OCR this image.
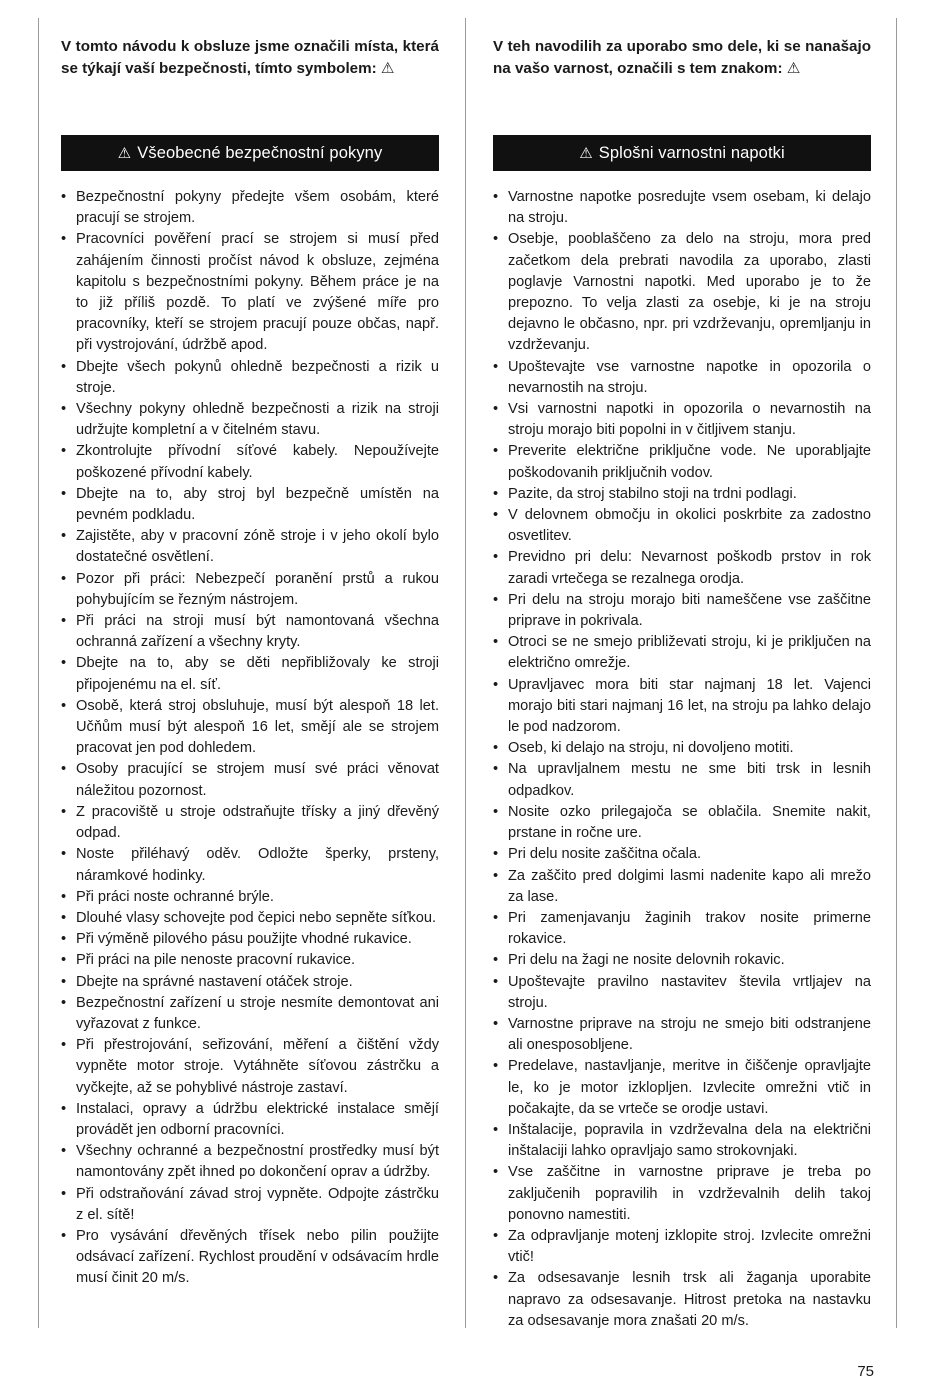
V tomto návodu k obsluze jsme označili místa, která se týkají vaší bezpečnosti, tímto symbolem: ⚠

⚠ Všeobecné bezpečnostní pokyny
• Bezpečnostní pokyny předejte všem osobám, které pracují se strojem.
• Pracovníci pověření prací se strojem si musí před zahájením činnosti pročíst návod k obsluze, zejména kapitolu s bezpečnostními pokyny. Během práce je na to již příliš pozdě. To platí ve zvýšené míře pro pracovníky, kteří se strojem pracují pouze občas, např. při vystrojování, údržbě apod.
• Dbejte všech pokynů ohledně bezpečnosti a rizik u stroje.
• Všechny pokyny ohledně bezpečnosti a rizik na stroji udržujte kompletní a v čitelném stavu.
• Zkontrolujte přívodní síťové kabely. Nepoužívejte poškozené přívodní kabely.
• Dbejte na to, aby stroj byl bezpečně umístěn na pevném podkladu.
• Zajistěte, aby v pracovní zóně stroje i v jeho okolí bylo dostatečné osvětlení.
• Pozor při práci: Nebezpečí poranění prstů a rukou pohybujícím se řezným nástrojem.
• Při práci na stroji musí být namontovaná všechna ochranná zařízení a všechny kryty.
• Dbejte na to, aby se děti nepřibližovaly ke stroji připojenému na el. síť.
• Osobě, která stroj obsluhuje, musí být alespoň 18 let. Učňům musí být alespoň 16 let, smějí ale se strojem pracovat jen pod dohledem.
• Osoby pracující se strojem musí své práci věnovat náležitou pozornost.
• Z pracoviště u stroje odstraňujte třísky a jiný dřevěný odpad.
• Noste přiléhavý oděv. Odložte šperky, prsteny, náramkové hodinky.
• Při práci noste ochranné brýle.
• Dlouhé vlasy schovejte pod čepici nebo sepněte síťkou.
• Při výměně pilového pásu použijte vhodné rukavice.
• Při práci na pile nenoste pracovní rukavice.
• Dbejte na správné nastavení otáček stroje.
• Bezpečnostní zařízení u stroje nesmíte demontovat ani vyřazovat z funkce.
• Při přestrojování, seřizování, měření a čištění vždy vypněte motor stroje. Vytáhněte síťovou zástrčku a vyčkejte, až se pohyblivé nástroje zastaví.
• Instalaci, opravy a údržbu elektrické instalace smějí provádět jen odborní pracovníci.
• Všechny ochranné a bezpečnostní prostředky musí být namontovány zpět ihned po dokončení oprav a údržby.
• Při odstraňování závad stroj vypněte. Odpojte zástrčku z el. sítě!
• Pro vysávání dřevěných třísek nebo pilin použijte odsávací zařízení. Rychlost proudění v odsávacím hrdle musí činit 20 m/s.

V teh navodilih za uporabo smo dele, ki se nanašajo na vašo varnost, označili s tem znakom: ⚠

⚠ Splošni varnostni napotki
• Varnostne napotke posredujte vsem osebam, ki delajo na stroju.
• Osebje, pooblaščeno za delo na stroju, mora pred začetkom dela prebrati navodila za uporabo, zlasti poglavje Varnostni napotki. Med uporabo je to že prepozno. To velja zlasti za osebje, ki je na stroju dejavno le občasno, npr. pri vzdrževanju, opremljanju in vzdrževanju.
• Upoštevajte vse varnostne napotke in opozorila o nevarnostih na stroju.
• Vsi varnostni napotki in opozorila o nevarnostih na stroju morajo biti popolni in v čitljivem stanju.
• Preverite električne priključne vode. Ne uporabljajte poškodovanih priključnih vodov.
• Pazite, da stroj stabilno stoji na trdni podlagi.
• V delovnem območju in okolici poskrbite za zadostno osvetlitev.
• Previdno pri delu: Nevarnost poškodb prstov in rok zaradi vrtečega se rezalnega orodja.
• Pri delu na stroju morajo biti nameščene vse zaščitne priprave in pokrivala.
• Otroci se ne smejo približevati stroju, ki je priključen na električno omrežje.
• Upravljavec mora biti star najmanj 18 let. Vajenci morajo biti stari najmanj 16 let, na stroju pa lahko delajo le pod nadzorom.
• Oseb, ki delajo na stroju, ni dovoljeno motiti.
• Na upravljalnem mestu ne sme biti trsk in lesnih odpadkov.
• Nosite ozko prilegajoča se oblačila. Snemite nakit, prstane in ročne ure.
• Pri delu nosite zaščitna očala.
• Za zaščito pred dolgimi lasmi nadenite kapo ali mrežo za lase.
• Pri zamenjavanju žaginih trakov nosite primerne rokavice.
• Pri delu na žagi ne nosite delovnih rokavic.
• Upoštevajte pravilno nastavitev števila vrtljajev na stroju.
• Varnostne priprave na stroju ne smejo biti odstranjene ali onesposobljene.
• Predelave, nastavljanje, meritve in čiščenje opravljajte le, ko je motor izklopljen. Izvlecite omrežni vtič in počakajte, da se vrteče se orodje ustavi.
• Inštalacije, popravila in vzdrževalna dela na električni inštalaciji lahko opravljajo samo strokovnjaki.
• Vse zaščitne in varnostne priprave je treba po zaključenih popravilih in vzdrževalnih delih takoj ponovno namestiti.
• Za odpravljanje motenj izklopite stroj. Izvlecite omrežni vtič!
• Za odsesavanje lesnih trsk ali žaganja uporabite napravo za odsesavanje. Hitrost pretoka na nastavku za odsesavanje mora znašati 20 m/s.
75
